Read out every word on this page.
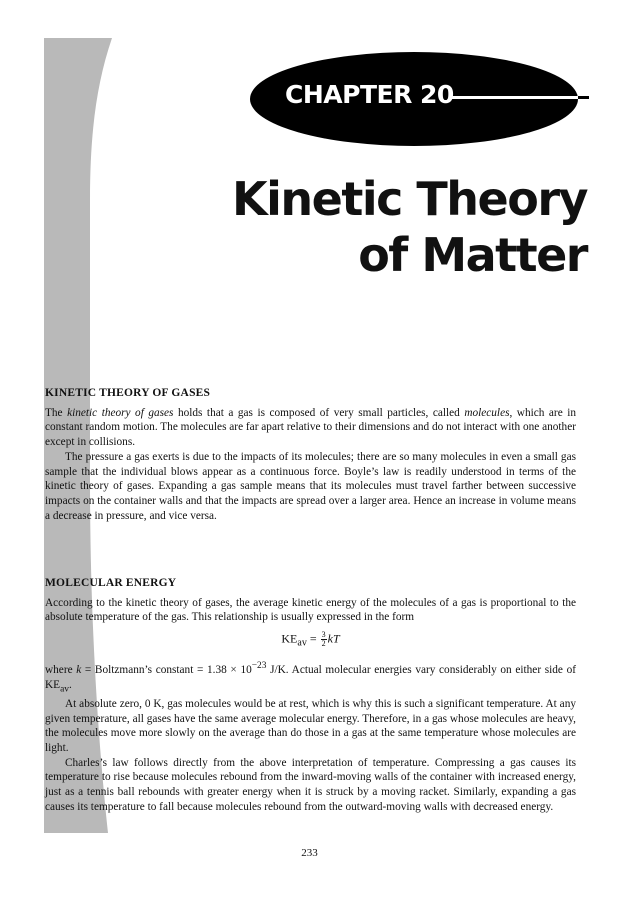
CHAPTER 20
Kinetic Theory
of Matter
KINETIC THEORY OF GASES

The kinetic theory of gases holds that a gas is composed of very small particles, called molecules, which are in constant random motion. The molecules are far apart relative to their dimensions and do not interact with one another except in collisions.

The pressure a gas exerts is due to the impacts of its molecules; there are so many molecules in even a small gas sample that the individual blows appear as a continuous force. Boyle’s law is readily understood in terms of the kinetic theory of gases. Expanding a gas sample means that its molecules must travel farther between successive impacts on the container walls and that the impacts are spread over a larger area. Hence an increase in volume means a decrease in pressure, and vice versa.

MOLECULAR ENERGY

According to the kinetic theory of gases, the average kinetic energy of the molecules of a gas is proportional to the absolute temperature of the gas. This relationship is usually expressed in the form

$KE_{av} = \frac{3}{2}$ kT

where k = Boltzmann’s constant = $1.38 \times 10^{-23}$ J/K. Actual molecular energies vary considerably on either side of $KE_{av}$.

At absolute zero, 0 K, gas molecules would be at rest, which is why this is such a significant temperature. At any given temperature, all gases have the same average molecular energy. Therefore, in a gas whose molecules are heavy, the molecules move more slowly on the average than do those in a gas at the same temperature whose molecules are light.

Charles’s law follows directly from the above interpretation of temperature. Compressing a gas causes its temperature to rise because molecules rebound from the inward-moving walls of the container with increased energy, just as a tennis ball rebounds with greater energy when it is struck by a moving racket. Similarly, expanding a gas causes its temperature to fall because molecules rebound from the outward-moving walls with decreased energy.

233
